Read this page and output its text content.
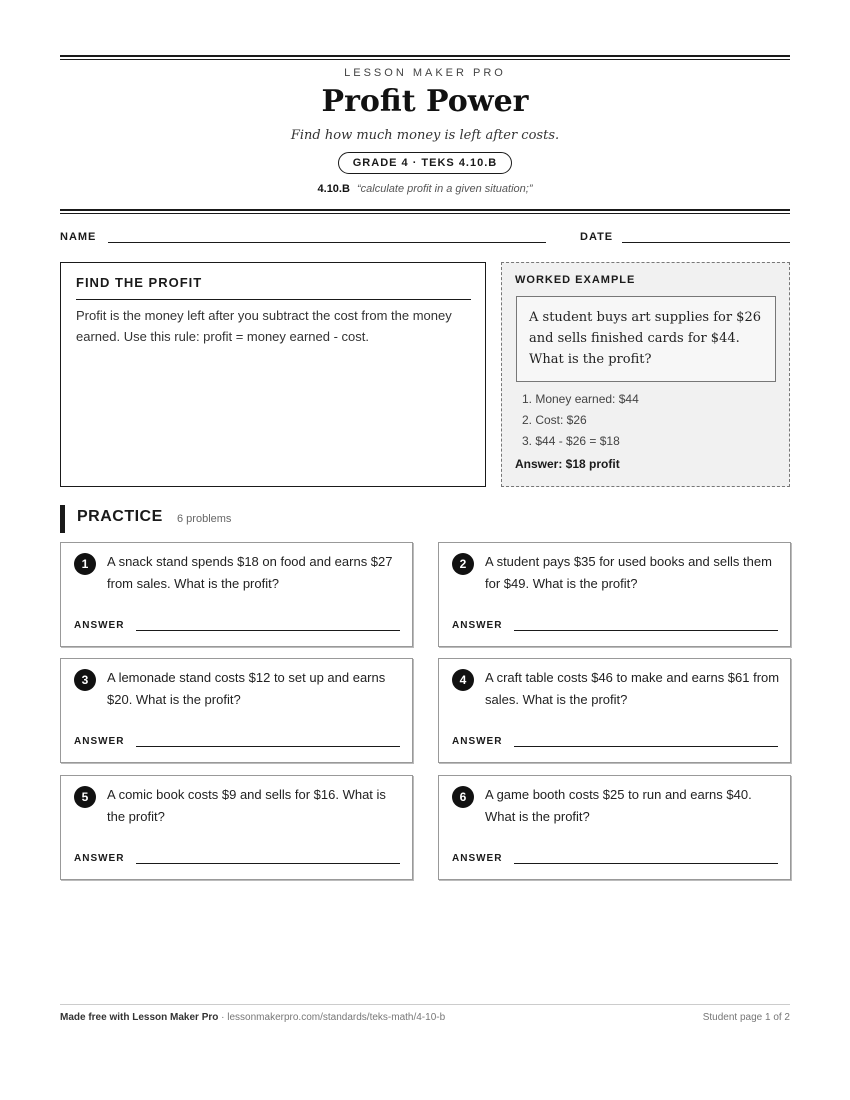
LESSON MAKER PRO
Profit Power
Find how much money is left after costs.
GRADE 4 · TEKS 4.10.B
4.10.B “calculate profit in a given situation;”
NAME	DATE
FIND THE PROFIT

Profit is the money left after you subtract the cost from the money earned. Use this rule: profit = money earned - cost.

WORKED EXAMPLE
A student buys art supplies for $26 and sells finished cards for $44. What is the profit?
1. Money earned: $44
2. Cost: $26
3. $44 - $26 = $18
Answer: $18 profit
PRACTICE 6 problems
1	A snack stand spends $18 on food and earns $27 from sales. What is the profit?
ANSWER
2	A student pays $35 for used books and sells them for $49. What is the profit?
ANSWER
3	A lemonade stand costs $12 to set up and earns $20. What is the profit?
ANSWER
4	A craft table costs $46 to make and earns $61 from sales. What is the profit?
ANSWER
5	A comic book costs $9 and sells for $16. What is the profit?
ANSWER
6	A game booth costs $25 to run and earns $40. What is the profit?
ANSWER
Made free with Lesson Maker Pro · lessonmakerpro.com/standards/teks-math/4-10-b	Student page 1 of 2
